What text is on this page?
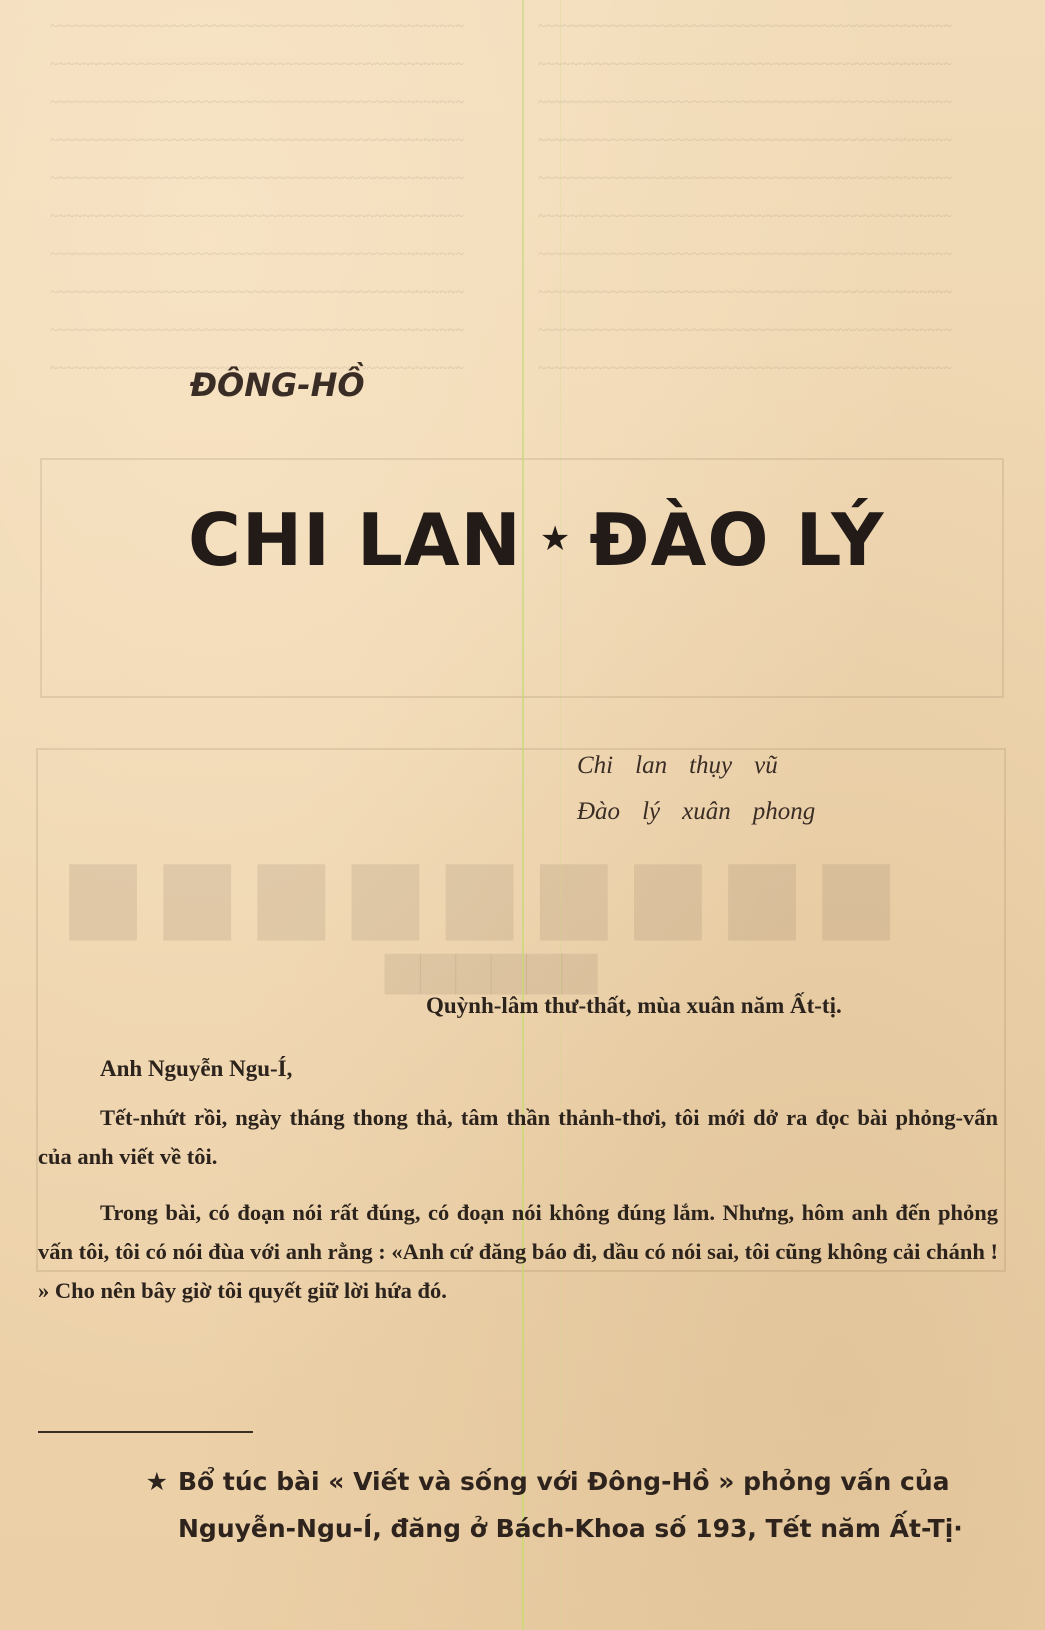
~~~~~~~~~~~~~~~~~~~~~~~~~~~~~~~~~~~~~~~~~~~~~~~~~~~
~~~~~~~~~~~~~~~~~~~~~~~~~~~~~~~~~~~~~~~~~~~~~~~~~~~
~~~~~~~~~~~~~~~~~~~~~~~~~~~~~~~~~~~~~~~~~~~~~~~~~~~
~~~~~~~~~~~~~~~~~~~~~~~~~~~~~~~~~~~~~~~~~~~~~~~~~~~
~~~~~~~~~~~~~~~~~~~~~~~~~~~~~~~~~~~~~~~~~~~~~~~~~~~
~~~~~~~~~~~~~~~~~~~~~~~~~~~~~~~~~~~~~~~~~~~~~~~~~~~
~~~~~~~~~~~~~~~~~~~~~~~~~~~~~~~~~~~~~~~~~~~~~~~~~~~
~~~~~~~~~~~~~~~~~~~~~~~~~~~~~~~~~~~~~~~~~~~~~~~~~~~
~~~~~~~~~~~~~~~~~~~~~~~~~~~~~~~~~~~~~~~~~~~~~~~~~~~
~~~~~~~~~~~~~~~~~~~~~~~~~~~~~~~~~~~~~~~~~~~~~~~~~~~
~~~~~~~~~~~~~~~~~~~~~~~~~~~~~~~~~~~~~~~~~~~~~~~~~~~
~~~~~~~~~~~~~~~~~~~~~~~~~~~~~~~~~~~~~~~~~~~~~~~~~~~
~~~~~~~~~~~~~~~~~~~~~~~~~~~~~~~~~~~~~~~~~~~~~~~~~~~
~~~~~~~~~~~~~~~~~~~~~~~~~~~~~~~~~~~~~~~~~~~~~~~~~~~
~~~~~~~~~~~~~~~~~~~~~~~~~~~~~~~~~~~~~~~~~~~~~~~~~~~
~~~~~~~~~~~~~~~~~~~~~~~~~~~~~~~~~~~~~~~~~~~~~~~~~~~
~~~~~~~~~~~~~~~~~~~~~~~~~~~~~~~~~~~~~~~~~~~~~~~~~~~
~~~~~~~~~~~~~~~~~~~~~~~~~~~~~~~~~~~~~~~~~~~~~~~~~~~
~~~~~~~~~~~~~~~~~~~~~~~~~~~~~~~~~~~~~~~~~~~~~~~~~~~
~~~~~~~~~~~~~~~~~~~~~~~~~~~~~~~~~~~~~~~~~~~~~~~~~~~
▆▆▆▆▆▆▆▆▆
▆▆▆▆▆▆

ĐÔNG-HỒ

CHI LAN ★ ĐÀO LÝ

Chi lan thụy vũ

Đào lý xuân phong

Quỳnh-lâm thư-thất, mùa xuân năm Ất-tị.

Anh Nguyễn Ngu-Í,

Tết-nhứt rồi, ngày tháng thong thả, tâm thần thảnh-thơi, tôi mới dở ra đọc bài phỏng-vấn của anh viết về tôi.

Trong bài, có đoạn nói rất đúng, có đoạn nói không đúng lắm. Nhưng, hôm anh đến phỏng vấn tôi, tôi có nói đùa với anh rằng : «Anh cứ đăng báo đi, dầu có nói sai, tôi cũng không cải chánh ! » Cho nên bây giờ tôi quyết giữ lời hứa đó.

★ Bổ túc bài « Viết và sống với Đông-Hồ » phỏng vấn của
Nguyễn-Ngu-Í, đăng ở Bách-Khoa số 193, Tết năm Ất-Tị·
